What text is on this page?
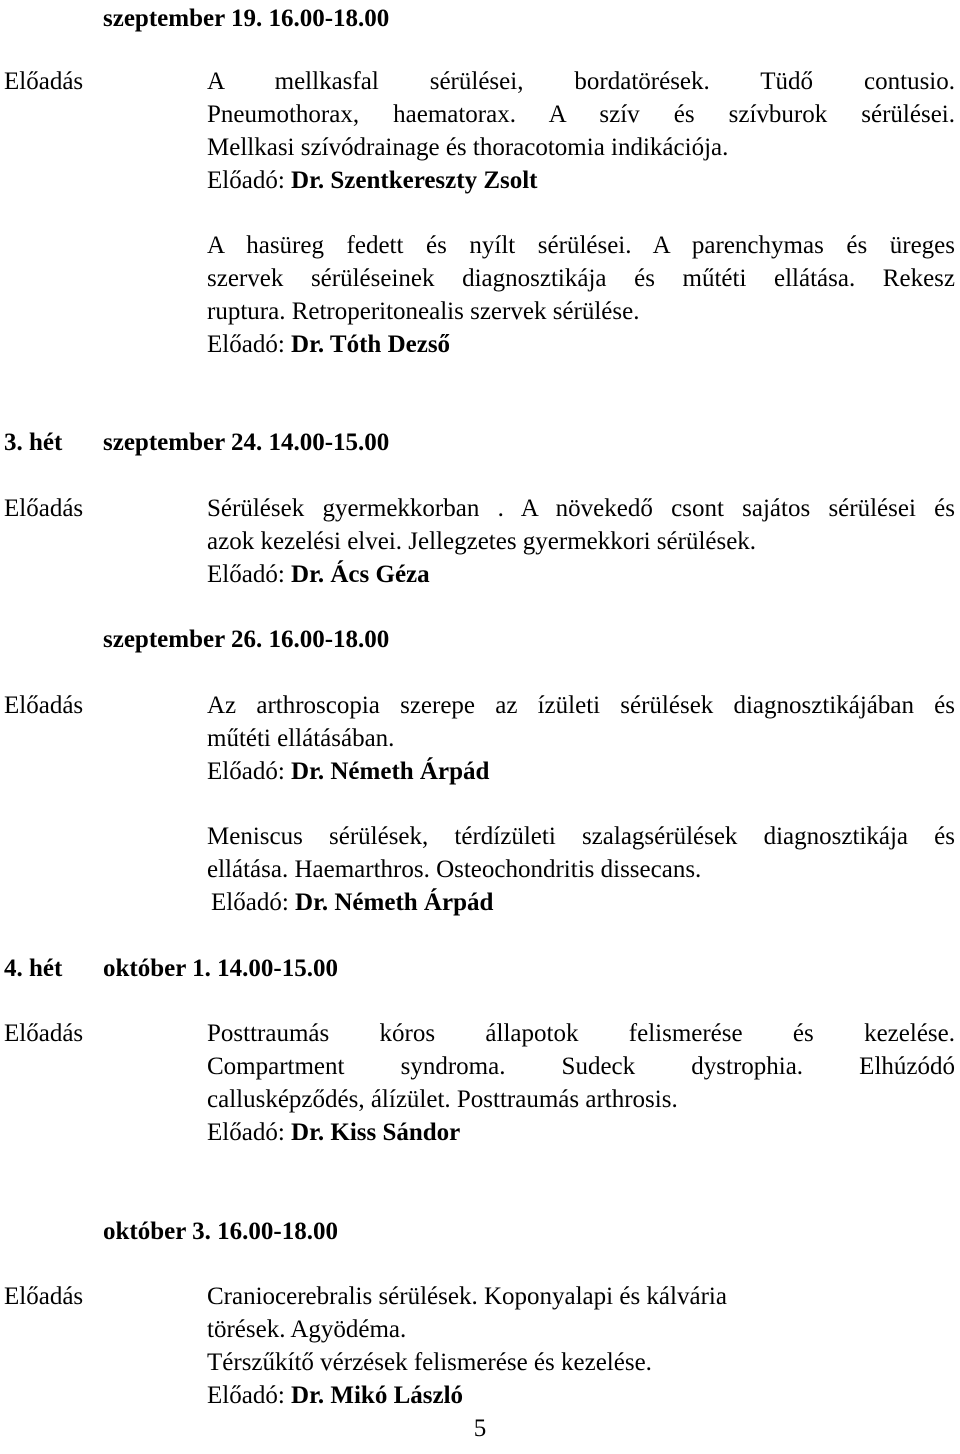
szeptember 19. 16.00-18.00
Előadás	A mellkasfal sérülései, bordatörések. Tüdő contusio.
Pneumothorax, haematorax. A szív és szívburok sérülései.
Mellkasi szívódrainage és thoracotomia indikációja.
Előadó: Dr. Szentkereszty Zsolt
A hasüreg fedett és nyílt sérülései. A parenchymas és üreges
szervek sérüléseinek diagnosztikája és műtéti ellátása. Rekesz
ruptura. Retroperitonealis szervek sérülése.
Előadó: Dr. Tóth Dezső
3. hét	szeptember 24. 14.00-15.00
Előadás	Sérülések gyermekkorban . A növekedő csont sajátos sérülései és
azok kezelési elvei. Jellegzetes gyermekkori sérülések.
Előadó: Dr. Ács Géza
szeptember 26. 16.00-18.00
Előadás	Az arthroscopia szerepe az ízületi sérülések diagnosztikájában és
műtéti ellátásában.
Előadó: Dr. Németh Árpád
Meniscus sérülések, térdízületi szalagsérülések diagnosztikája és
ellátása. Haemarthros. Osteochondritis dissecans.
Előadó: Dr. Németh Árpád
4. hét	október 1. 14.00-15.00
Előadás	Posttraumás kóros állapotok felismerése és kezelése.
Compartment syndroma. Sudeck dystrophia. Elhúzódó
callusképződés, álízület. Posttraumás arthrosis.
Előadó: Dr. Kiss Sándor
október 3. 16.00-18.00
Előadás	Craniocerebralis sérülések. Koponyalapi és kálvária
törések. Agyödéma.
Térszűkítő vérzések felismerése és kezelése.
Előadó: Dr. Mikó László
5
